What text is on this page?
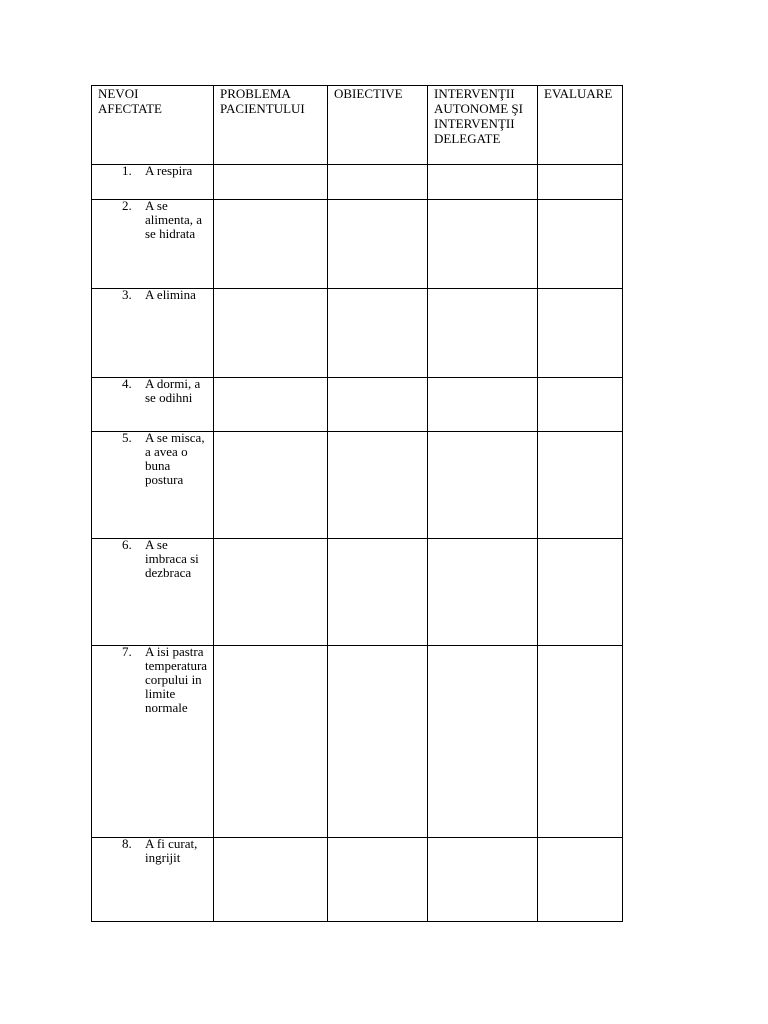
NEVOI AFECTATE
PROBLEMA PACIENTULUI
OBIECTIVE	INTERVENŢII AUTONOME ŞI INTERVENŢII DELEGATE
EVALUARE
1. A respira
2. A se alimenta, a se hidrata
3. A elimina
4. A dormi, a se odihni
5. A se misca, a avea o buna postura
6. A se imbraca si dezbraca
7. A isi pastra temperatura corpului in limite normale
8. A fi curat, ingrijit
